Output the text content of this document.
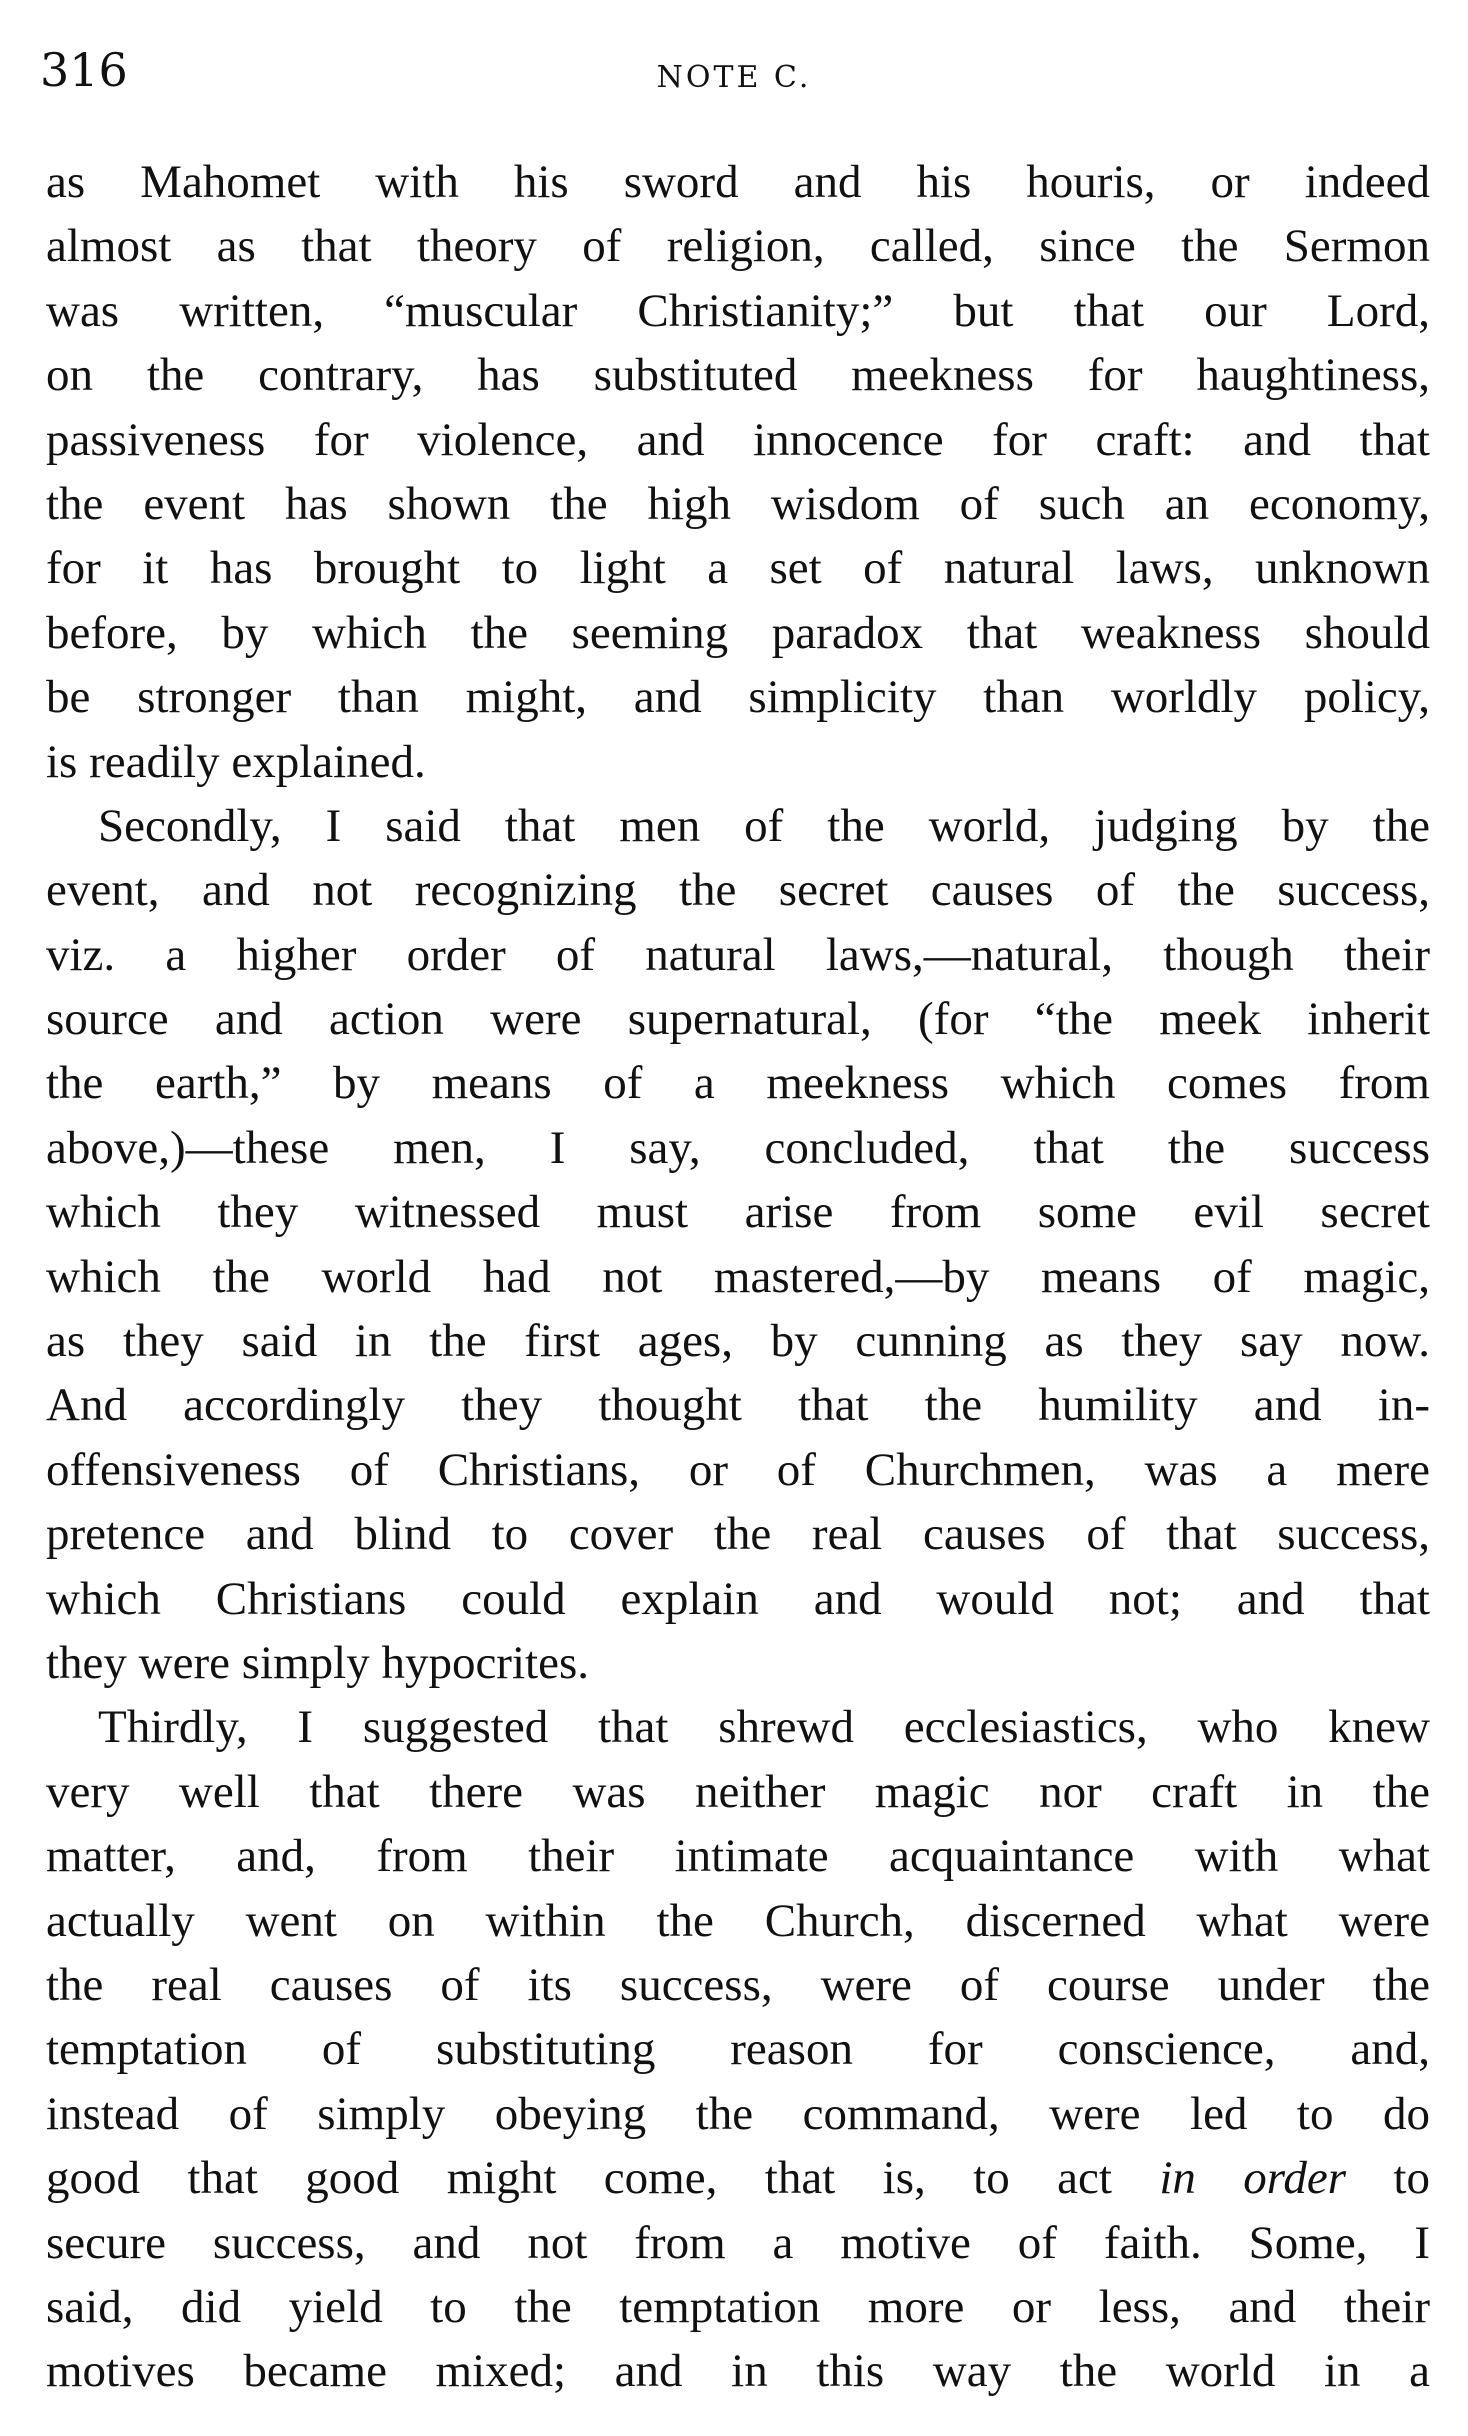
316	NOTE C.
as Mahomet with his sword and his houris, or indeed
almost as that theory of religion, called, since the Sermon
was written, “muscular Christianity;” but that our Lord,
on the contrary, has substituted meekness for haughtiness,
passiveness for violence, and innocence for craft: and that
the event has shown the high wisdom of such an economy,
for it has brought to light a set of natural laws, unknown
before, by which the seeming paradox that weakness should
be stronger than might, and simplicity than worldly policy,
is readily explained.
Secondly, I said that men of the world, judging by the
event, and not recognizing the secret causes of the success,
viz. a higher order of natural laws,—natural, though their
source and action were supernatural, (for “the meek inherit
the earth,” by means of a meekness which comes from
above,)—these men, I say, concluded, that the success
which they witnessed must arise from some evil secret
which the world had not mastered,—by means of magic,
as they said in the first ages, by cunning as they say now.
And accordingly they thought that the humility and in-
offensiveness of Christians, or of Churchmen, was a mere
pretence and blind to cover the real causes of that success,
which Christians could explain and would not; and that
they were simply hypocrites.
Thirdly, I suggested that shrewd ecclesiastics, who knew
very well that there was neither magic nor craft in the
matter, and, from their intimate acquaintance with what
actually went on within the Church, discerned what were
the real causes of its success, were of course under the
temptation of substituting reason for conscience, and,
instead of simply obeying the command, were led to do
good that good might come, that is, to act in order to
secure success, and not from a motive of faith. Some, I
said, did yield to the temptation more or less, and their
motives became mixed; and in this way the world in a
